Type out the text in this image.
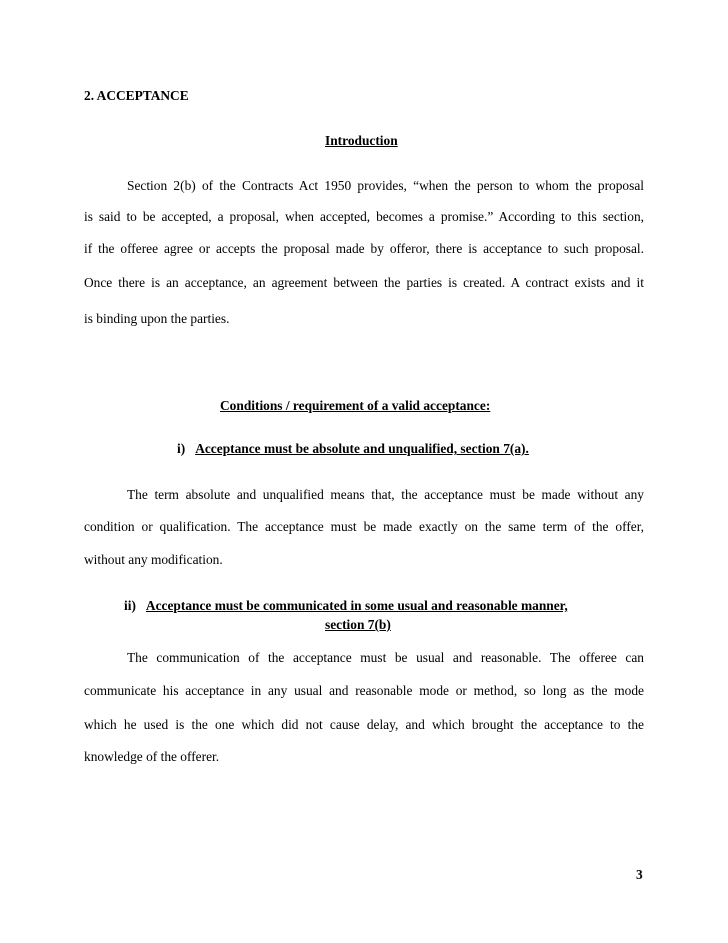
2. ACCEPTANCE
Introduction
Section 2(b) of the Contracts Act 1950 provides, “when the person to whom the proposal
is said to be accepted, a proposal, when accepted, becomes a promise.” According to this section,
if the offeree agree or accepts the proposal made by offeror, there is acceptance to such proposal.
Once there is an acceptance, an agreement between the parties is created. A contract exists and it
is binding upon the parties.
Conditions / requirement of a valid acceptance:
i) Acceptance must be absolute and unqualified, section 7(a).
The term absolute and unqualified means that, the acceptance must be made without any
condition or qualification. The acceptance must be made exactly on the same term of the offer,
without any modification.
ii) Acceptance must be communicated in some usual and reasonable manner,
section 7(b)
The communication of the acceptance must be usual and reasonable. The offeree can
communicate his acceptance in any usual and reasonable mode or method, so long as the mode
which he used is the one which did not cause delay, and which brought the acceptance to the
knowledge of the offerer.
3
